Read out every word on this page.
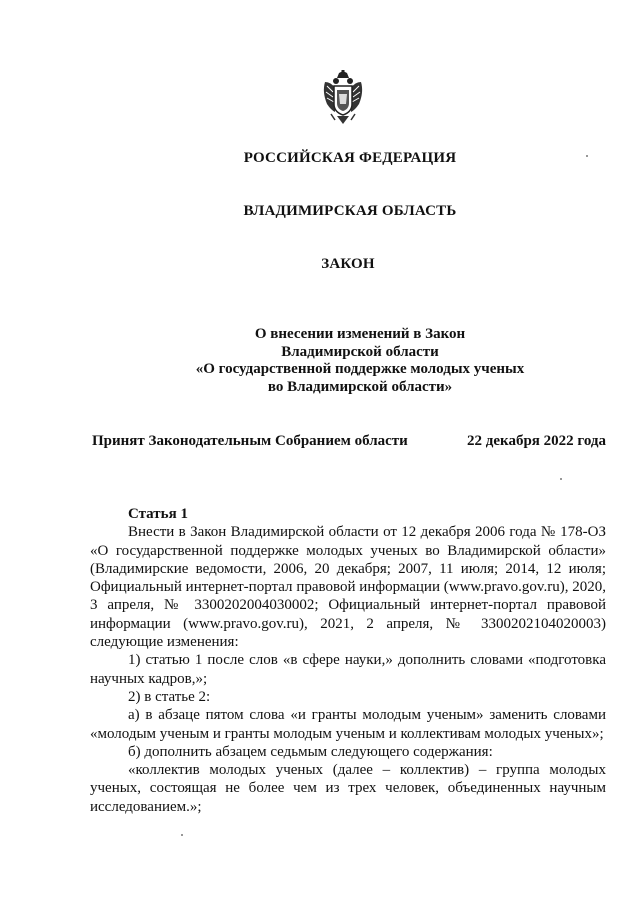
РОССИЙСКАЯ ФЕДЕРАЦИЯ
ВЛАДИМИРСКАЯ ОБЛАСТЬ
ЗАКОН
О внесении изменений в Закон
Владимирской области
«О государственной поддержке молодых ученых
во Владимирской области»
Принят Законодательным Собранием области	22 декабря 2022 года
Статья 1

Внести в Закон Владимирской области от 12 декабря 2006 года № 178-ОЗ «О государственной поддержке молодых ученых во Владимирской области» (Владимирские ведомости, 2006, 20 декабря; 2007, 11 июля; 2014, 12 июля; Официальный интернет-портал правовой информации (www.pravo.gov.ru), 2020, 3 апреля, № 3300202004030002; Официальный интернет-портал правовой информации (www.pravo.gov.ru), 2021, 2 апреля, № 3300202104020003) следующие изменения:

1) статью 1 после слов «в сфере науки,» дополнить словами «подготовка научных кадров,»;

2) в статье 2:

а) в абзаце пятом слова «и гранты молодым ученым» заменить словами «молодым ученым и гранты молодым ученым и коллективам молодых ученых»;

б) дополнить абзацем седьмым следующего содержания:

«коллектив молодых ученых (далее – коллектив) – группа молодых ученых, состоящая не более чем из трех человек, объединенных научным исследованием.»;
